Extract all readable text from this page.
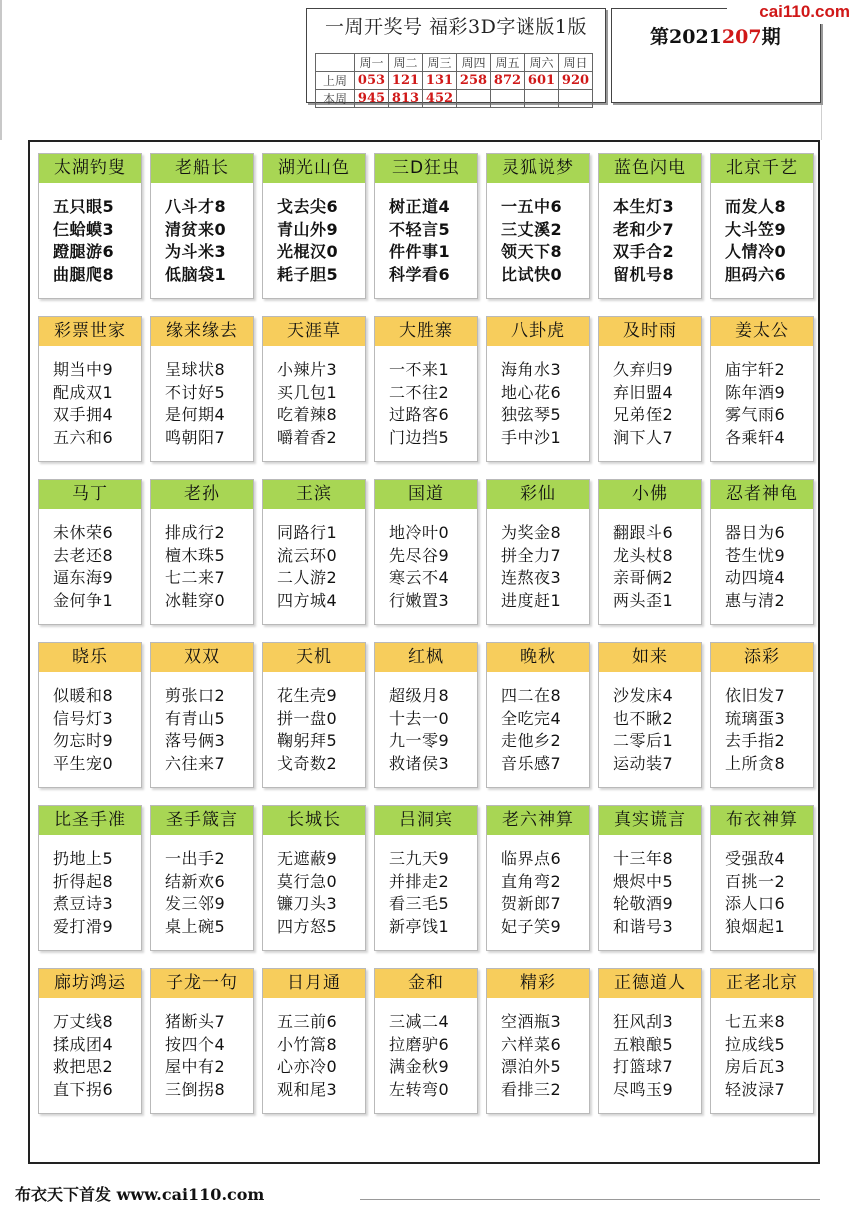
一周开奖号 福彩3D字谜版1版
	周一	周二	周三	周四	周五	周六	周日
上周	053	121	131	258	872	601	920
本周	945	813	452				
第2021207期
cai110.com
太湖钓叟
五只眼5
仨蛤蟆3
蹬腿游6
曲腿爬8
老船长
八斗才8
清贫来0
为斗米3
低脑袋1
湖光山色
戈去尖6
青山外9
光棍汉0
耗子胆5
三D狂虫
树正道4
不轻言5
件件事1
科学看6
灵狐说梦
一五中6
三丈溪2
领天下8
比试快0
蓝色闪电
本生灯3
老和少7
双手合2
留机号8
北京千艺
而发人8
大斗笠9
人情冷0
胆码六6
彩票世家
期当中9
配成双1
双手拥4
五六和6
缘来缘去
呈球状8
不讨好5
是何期4
鸣朝阳7
天涯草
小辣片3
买几包1
吃着辣8
嚼着香2
大胜寨
一不来1
二不往2
过路客6
门边挡5
八卦虎
海角水3
地心花6
独弦琴5
手中沙1
及时雨
久弃归9
弃旧盟4
兄弟侄2
涧下人7
姜太公
庙宇轩2
陈年酒9
雾气雨6
各乘轩4
马丁
未休荣6
去老还8
逼东海9
金何争1
老孙
排成行2
檀木珠5
七二来7
冰鞋穿0
王滨
同路行1
流云环0
二人游2
四方城4
国道
地冷叶0
先尽谷9
寒云不4
行嫩置3
彩仙
为奖金8
拼全力7
连熬夜3
进度赶1
小佛
翻跟斗6
龙头杖8
亲哥俩2
两头歪1
忍者神龟
器日为6
苍生忧9
动四境4
惠与清2
晓乐
似暖和8
信号灯3
勿忘时9
平生宠0
双双
剪张口2
有青山5
落号俩3
六往来7
天机
花生壳9
拼一盘0
鞠躬拜5
戈奇数2
红枫
超级月8
十去一0
九一零9
救诸侯3
晚秋
四二在8
全吃完4
走他乡2
音乐感7
如来
沙发床4
也不瞅2
二零后1
运动装7
添彩
依旧发7
琉璃蛋3
去手指2
上所贪8
比圣手准
扔地上5
折得起8
煮豆诗3
爱打滑9
圣手箴言
一出手2
结新欢6
发三邻9
桌上碗5
长城长
无遮蔽9
莫行急0
镰刀头3
四方怒5
吕洞宾
三九天9
并排走2
看三毛5
新亭饯1
老六神算
临界点6
直角弯2
贺新郎7
妃子笑9
真实谎言
十三年8
煨烬中5
轮敬酒9
和谐号3
布衣神算
受强敌4
百挑一2
添人口6
狼烟起1
廊坊鸿运
万丈线8
揉成团4
救把思2
直下拐6
子龙一句
猪断头7
按四个4
屋中有2
三倒拐8
日月通
五三前6
小竹篙8
心亦冷0
观和尾3
金和
三减二4
拉磨驴6
满金秋9
左转弯0
精彩
空酒瓶3
六样菜6
漂泊外5
看排三2
正德道人
狂风刮3
五粮酿5
打篮球7
尽鸣玉9
正老北京
七五来8
拉成线5
房后瓦3
轻波渌7
布衣天下首发 www.cai110.com
